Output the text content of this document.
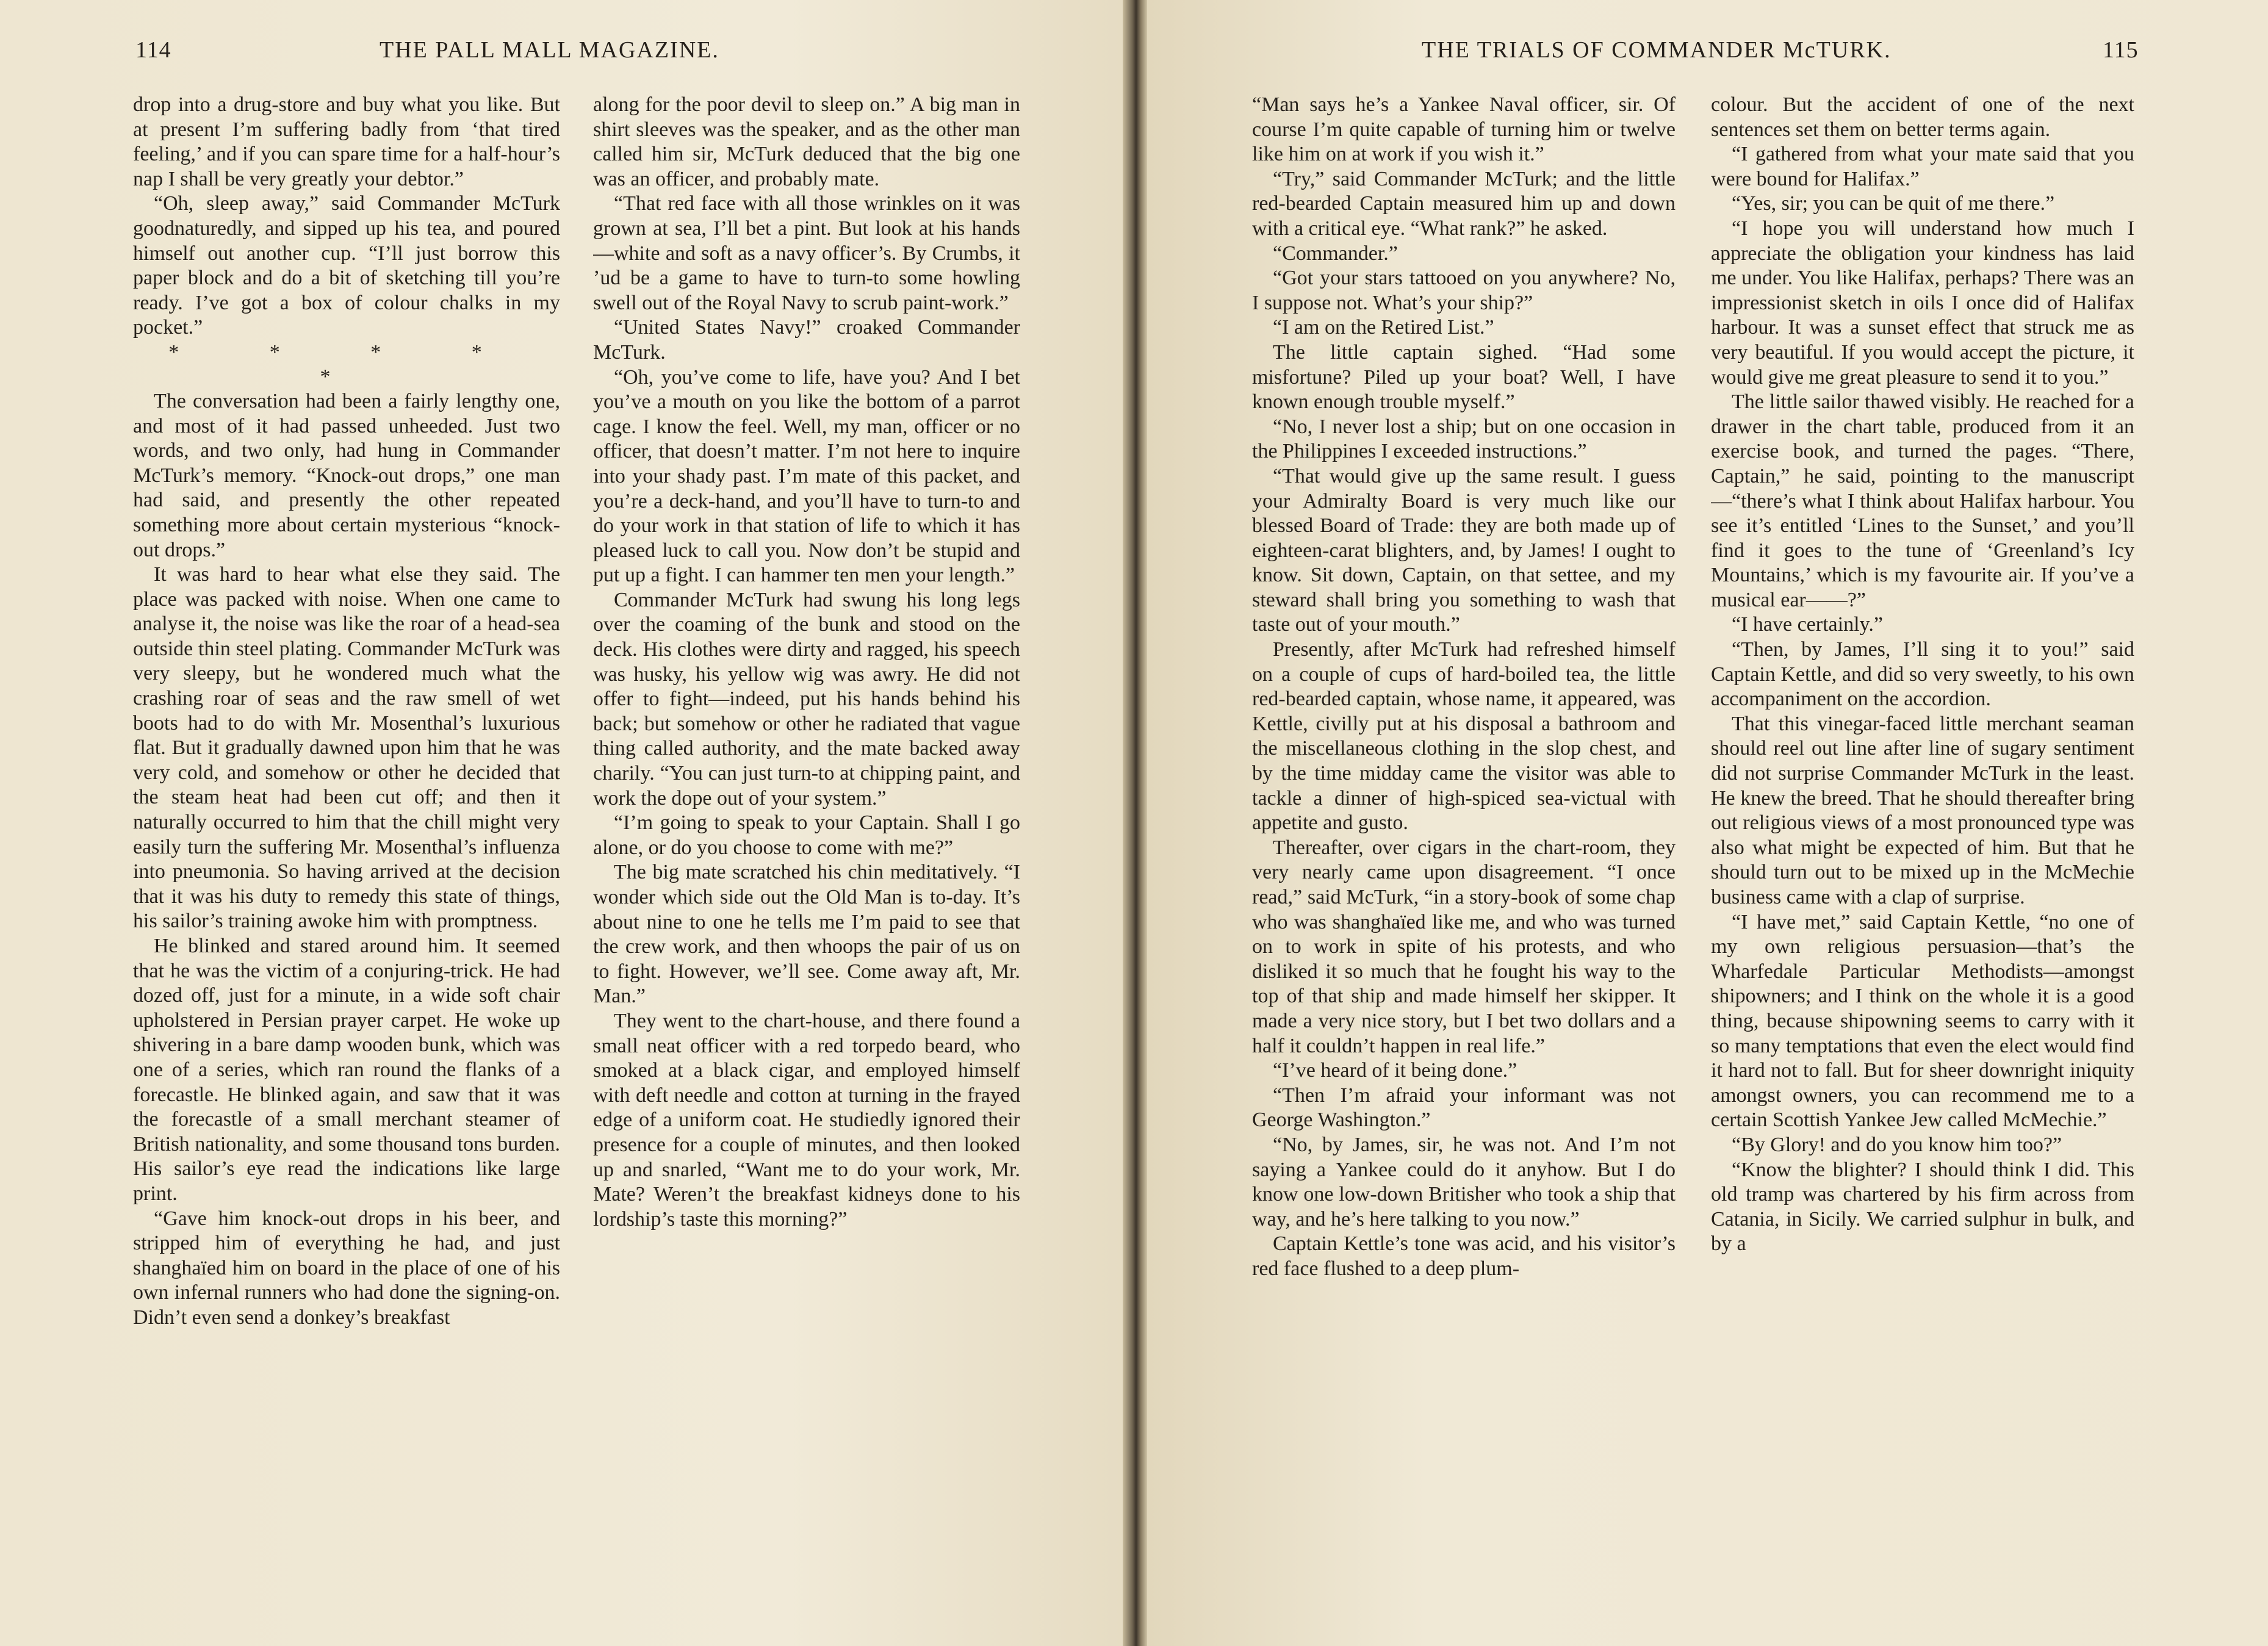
114	THE PALL MALL MAGAZINE.

drop into a drug-store and buy what you like. But at present I’m suffering badly from ‘that tired feeling,’ and if you can spare time for a half-hour’s nap I shall be very greatly your debtor.”

“Oh, sleep away,” said Commander McTurk goodnaturedly, and sipped up his tea, and poured himself out another cup. “I’ll just borrow this paper block and do a bit of sketching till you’re ready. I’ve got a box of colour chalks in my pocket.”

* * * * *

The conversation had been a fairly lengthy one, and most of it had passed unheeded. Just two words, and two only, had hung in Commander McTurk’s memory. “Knock-out drops,” one man had said, and presently the other repeated something more about certain mysterious “knock-out drops.”

It was hard to hear what else they said. The place was packed with noise. When one came to analyse it, the noise was like the roar of a head-sea outside thin steel plating. Commander McTurk was very sleepy, but he wondered much what the crashing roar of seas and the raw smell of wet boots had to do with Mr. Mosenthal’s luxurious flat. But it gradually dawned upon him that he was very cold, and somehow or other he decided that the steam heat had been cut off; and then it naturally occurred to him that the chill might very easily turn the suffering Mr. Mosenthal’s influenza into pneumonia. So having arrived at the decision that it was his duty to remedy this state of things, his sailor’s training awoke him with promptness.

He blinked and stared around him. It seemed that he was the victim of a conjuring-trick. He had dozed off, just for a minute, in a wide soft chair upholstered in Persian prayer carpet. He woke up shivering in a bare damp wooden bunk, which was one of a series, which ran round the flanks of a forecastle. He blinked again, and saw that it was the forecastle of a small merchant steamer of British nationality, and some thousand tons burden. His sailor’s eye read the indications like large print.

“Gave him knock-out drops in his beer, and stripped him of everything he had, and just shanghaïed him on board in the place of one of his own infernal runners who had done the signing-on. Didn’t even send a donkey’s breakfast

along for the poor devil to sleep on.” A big man in shirt sleeves was the speaker, and as the other man called him sir, McTurk deduced that the big one was an officer, and probably mate.

“That red face with all those wrinkles on it was grown at sea, I’ll bet a pint. But look at his hands—white and soft as a navy officer’s. By Crumbs, it ’ud be a game to have to turn-to some howling swell out of the Royal Navy to scrub paint-work.”

“United States Navy!” croaked Commander McTurk.

“Oh, you’ve come to life, have you? And I bet you’ve a mouth on you like the bottom of a parrot cage. I know the feel. Well, my man, officer or no officer, that doesn’t matter. I’m not here to inquire into your shady past. I’m mate of this packet, and you’re a deck-hand, and you’ll have to turn-to and do your work in that station of life to which it has pleased luck to call you. Now don’t be stupid and put up a fight. I can hammer ten men your length.”

Commander McTurk had swung his long legs over the coaming of the bunk and stood on the deck. His clothes were dirty and ragged, his speech was husky, his yellow wig was awry. He did not offer to fight—indeed, put his hands behind his back; but somehow or other he radiated that vague thing called authority, and the mate backed away charily. “You can just turn-to at chipping paint, and work the dope out of your system.”

“I’m going to speak to your Captain. Shall I go alone, or do you choose to come with me?”

The big mate scratched his chin meditatively. “I wonder which side out the Old Man is to-day. It’s about nine to one he tells me I’m paid to see that the crew work, and then whoops the pair of us on to fight. However, we’ll see. Come away aft, Mr. Man.”

They went to the chart-house, and there found a small neat officer with a red torpedo beard, who smoked at a black cigar, and employed himself with deft needle and cotton at turning in the frayed edge of a uniform coat. He studiedly ignored their presence for a couple of minutes, and then looked up and snarled, “Want me to do your work, Mr. Mate? Weren’t the breakfast kidneys done to his lordship’s taste this morning?”

THE TRIALS OF COMMANDER McTURK.	115

“Man says he’s a Yankee Naval officer, sir. Of course I’m quite capable of turning him or twelve like him on at work if you wish it.”

“Try,” said Commander McTurk; and the little red-bearded Captain measured him up and down with a critical eye. “What rank?” he asked.

“Commander.”

“Got your stars tattooed on you anywhere? No, I suppose not. What’s your ship?”

“I am on the Retired List.”

The little captain sighed. “Had some misfortune? Piled up your boat? Well, I have known enough trouble myself.”

“No, I never lost a ship; but on one occasion in the Philippines I exceeded instructions.”

“That would give up the same result. I guess your Admiralty Board is very much like our blessed Board of Trade: they are both made up of eighteen-carat blighters, and, by James! I ought to know. Sit down, Captain, on that settee, and my steward shall bring you something to wash that taste out of your mouth.”

Presently, after McTurk had refreshed himself on a couple of cups of hard-boiled tea, the little red-bearded captain, whose name, it appeared, was Kettle, civilly put at his disposal a bathroom and the miscellaneous clothing in the slop chest, and by the time midday came the visitor was able to tackle a dinner of high-spiced sea-victual with appetite and gusto.

Thereafter, over cigars in the chart-room, they very nearly came upon disagreement. “I once read,” said McTurk, “in a story-book of some chap who was shanghaïed like me, and who was turned on to work in spite of his protests, and who disliked it so much that he fought his way to the top of that ship and made himself her skipper. It made a very nice story, but I bet two dollars and a half it couldn’t happen in real life.”

“I’ve heard of it being done.”

“Then I’m afraid your informant was not George Washington.”

“No, by James, sir, he was not. And I’m not saying a Yankee could do it anyhow. But I do know one low-down Britisher who took a ship that way, and he’s here talking to you now.”

Captain Kettle’s tone was acid, and his visitor’s red face flushed to a deep plum-

colour. But the accident of one of the next sentences set them on better terms again.

“I gathered from what your mate said that you were bound for Halifax.”

“Yes, sir; you can be quit of me there.”

“I hope you will understand how much I appreciate the obligation your kindness has laid me under. You like Halifax, perhaps? There was an impressionist sketch in oils I once did of Halifax harbour. It was a sunset effect that struck me as very beautiful. If you would accept the picture, it would give me great pleasure to send it to you.”

The little sailor thawed visibly. He reached for a drawer in the chart table, produced from it an exercise book, and turned the pages. “There, Captain,” he said, pointing to the manuscript—“there’s what I think about Halifax harbour. You see it’s entitled ‘Lines to the Sunset,’ and you’ll find it goes to the tune of ‘Greenland’s Icy Mountains,’ which is my favourite air. If you’ve a musical ear——?”

“I have certainly.”

“Then, by James, I’ll sing it to you!” said Captain Kettle, and did so very sweetly, to his own accompaniment on the accordion.

That this vinegar-faced little merchant seaman should reel out line after line of sugary sentiment did not surprise Commander McTurk in the least. He knew the breed. That he should thereafter bring out religious views of a most pronounced type was also what might be expected of him. But that he should turn out to be mixed up in the McMechie business came with a clap of surprise.

“I have met,” said Captain Kettle, “no one of my own religious persuasion—that’s the Wharfedale Particular Methodists—amongst shipowners; and I think on the whole it is a good thing, because shipowning seems to carry with it so many temptations that even the elect would find it hard not to fall. But for sheer downright iniquity amongst owners, you can recommend me to a certain Scottish Yankee Jew called McMechie.”

“By Glory! and do you know him too?”

“Know the blighter? I should think I did. This old tramp was chartered by his firm across from Catania, in Sicily. We carried sulphur in bulk, and by a
